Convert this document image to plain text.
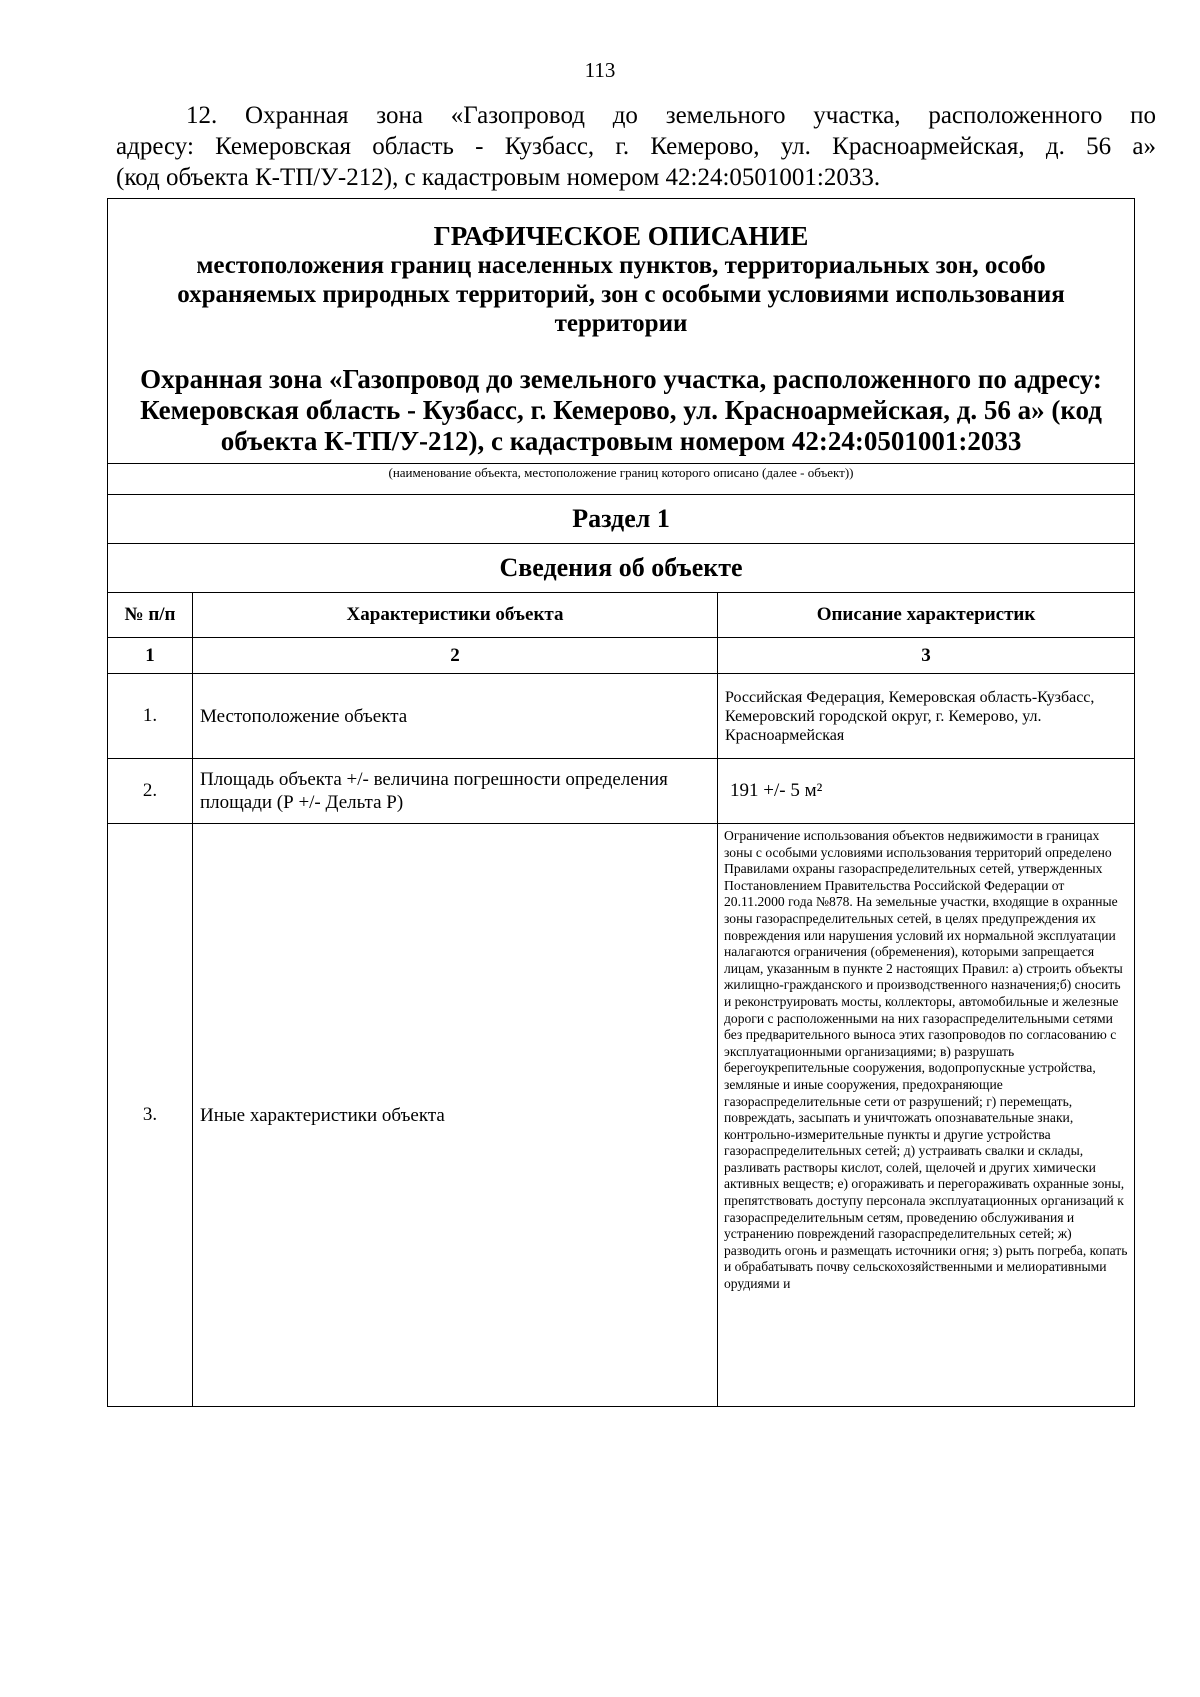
113
12. Охранная зона «Газопровод до земельного участка, расположенного по
адресу: Кемеровская область - Кузбасс, г. Кемерово, ул. Красноармейская, д. 56 а»
(код объекта К-ТП/У-212), с кадастровым номером 42:24:0501001:2033.
ГРАФИЧЕСКОЕ ОПИСАНИЕ
местоположения границ населенных пунктов, территориальных зон, особо охраняемых природных территорий, зон с особыми условиями использования территории
Охранная зона «Газопровод до земельного участка, расположенного по адресу: Кемеровская область - Кузбасс, г. Кемерово, ул. Красноармейская, д. 56 а» (код объекта К-ТП/У-212), с кадастровым номером 42:24:0501001:2033		

(наименование объекта, местоположение границ которого описано (далее - объект))		

Раздел 1		
Сведения об объекте		
№ п/п	Характеристики объекта	Описание характеристик
1	2	3
1.	Местоположение объекта	Российская Федерация, Кемеровская область-Кузбасс, Кемеровский городской округ, г. Кемерово, ул. Красноармейская
2.	Площадь объекта +/- величина погрешности определения площади (Р +/- Дельта Р)	191 +/- 5 м²
3.	Иные характеристики объекта	Ограничение использования объектов недвижимости в границах зоны с особыми условиями использования территорий определено Правилами охраны газораспределительных сетей, утвержденных Постановлением Правительства Российской Федерации от 20.11.2000 года №878. На земельные участки, входящие в охранные зоны газораспределительных сетей, в целях предупреждения их повреждения или нарушения условий их нормальной эксплуатации налагаются ограничения (обременения), которыми запрещается лицам, указанным в пункте 2 настоящих Правил: а) строить объекты жилищно-гражданского и производственного назначения;б) сносить и реконструировать мосты, коллекторы, автомобильные и железные дороги с расположенными на них газораспределительными сетями без предварительного выноса этих газопроводов по согласованию с эксплуатационными организациями; в) разрушать берегоукрепительные сооружения, водопропускные устройства, земляные и иные сооружения, предохраняющие газораспределительные сети от разрушений; г) перемещать, повреждать, засыпать и уничтожать опознавательные знаки, контрольно-измерительные пункты и другие устройства газораспределительных сетей; д) устраивать свалки и склады, разливать растворы кислот, солей, щелочей и других химически активных веществ; е) огораживать и перегораживать охранные зоны, препятствовать доступу персонала эксплуатационных организаций к газораспределительным сетям, проведению обслуживания и устранению повреждений газораспределительных сетей; ж) разводить огонь и размещать источники огня; з) рыть погреба, копать и обрабатывать почву сельскохозяйственными и мелиоративными орудиями и
